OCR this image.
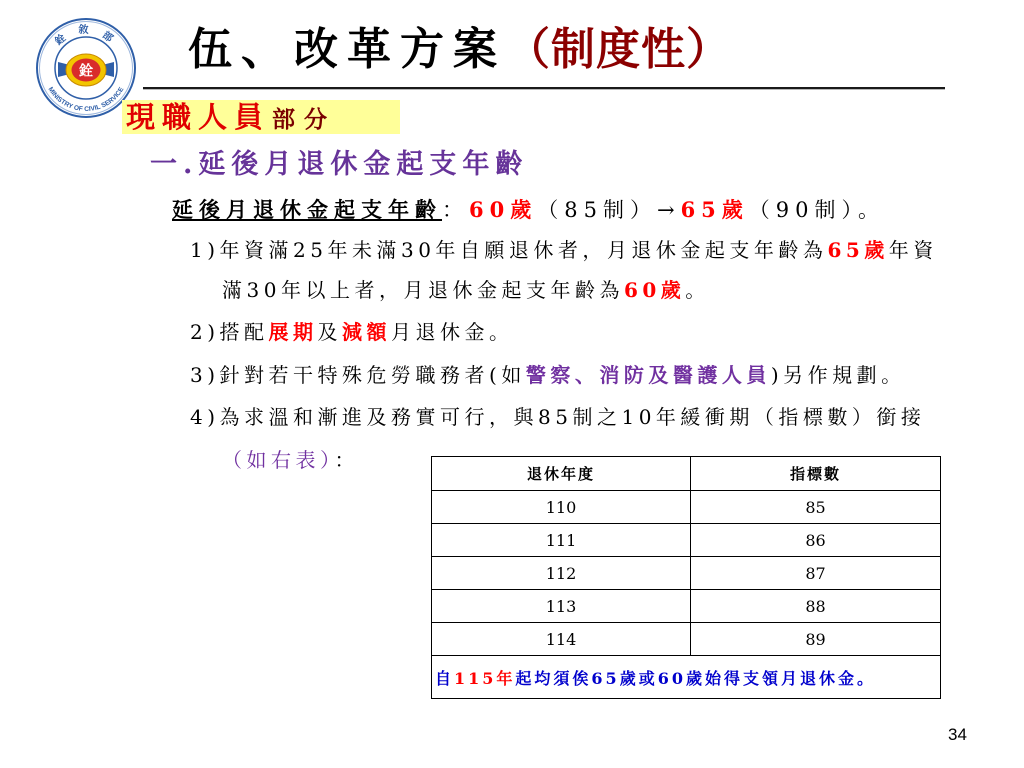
銓 敘 部
MINISTRY OF CIVIL SERVICE
銓 伍、改革方案（制度性）
現職人員部分
一.延後月退休金起支年齡
延後月退休金起支年齡：60歲（85制）→65歲（90制）。
1)年資滿25年未滿30年自願退休者，月退休金起支年齡為65歲年資
滿30年以上者，月退休金起支年齡為60歲。
2)搭配展期及減額月退休金。
3)針對若干特殊危勞職務者(如警察、消防及醫護人員)另作規劃。
4)為求溫和漸進及務實可行，與85制之10年緩衝期（指標數）銜接
（如右表）：
退休年度	指標數
110	85
111	86
112	87
113	88
114	89
自115年起均須俟65歲或60歲始得支領月退休金。	
34
